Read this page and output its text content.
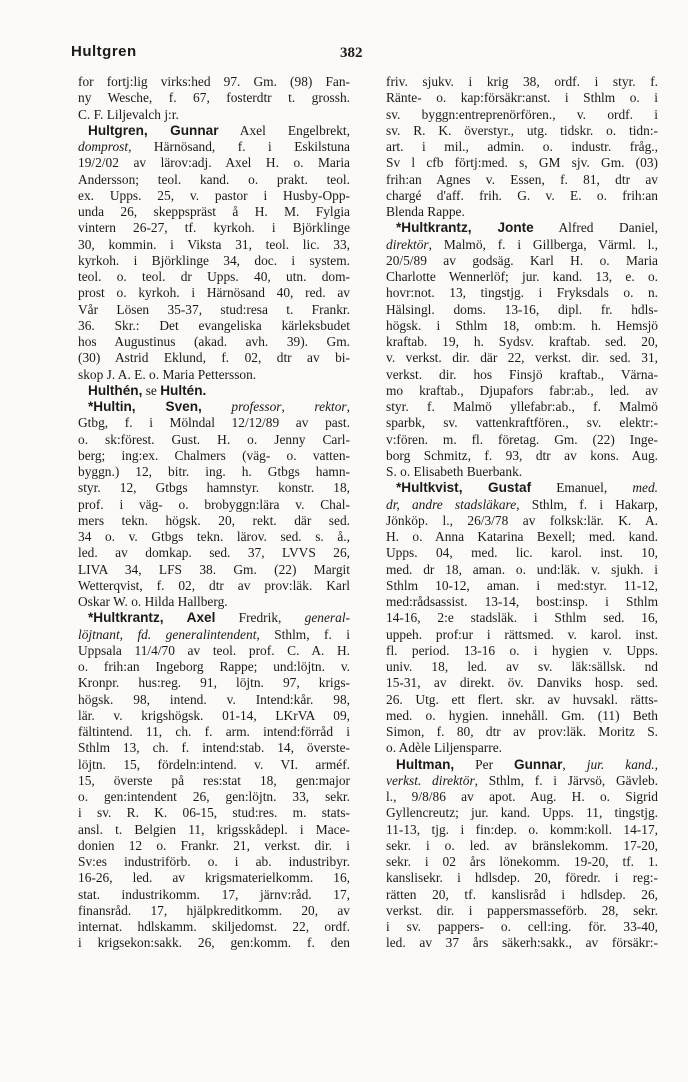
Hultgren	382
for fortj:lig virks:hed 97. Gm. (98) Fan-
ny Wesche, f. 67, fosterdtr t. grossh.
C. F. Liljevalch j:r.
Hultgren, Gunnar Axel Engelbrekt,
domprost, Härnösand, f. i Eskilstuna
19/2/02 av lärov:adj. Axel H. o. Maria
Andersson; teol. kand. o. prakt. teol.
ex. Upps. 25, v. pastor i Husby-Opp-
unda 26, skeppspräst å H. M. Fylgia
vintern 26-27, tf. kyrkoh. i Björklinge
30, kommin. i Viksta 31, teol. lic. 33,
kyrkoh. i Björklinge 34, doc. i system.
teol. o. teol. dr Upps. 40, utn. dom-
prost o. kyrkoh. i Härnösand 40, red. av
Vår Lösen 35-37, stud:resa t. Frankr.
36. Skr.: Det evangeliska kärleksbudet
hos Augustinus (akad. avh. 39). Gm.
(30) Astrid Eklund, f. 02, dtr av bi-
skop J. A. E. o. Maria Pettersson.
Hulthén, se Hultén.
*Hultin, Sven, professor, rektor,
Gtbg, f. i Mölndal 12/12/89 av past.
o. sk:förest. Gust. H. o. Jenny Carl-
berg; ing:ex. Chalmers (väg- o. vatten-
byggn.) 12, bitr. ing. h. Gtbgs hamn-
styr. 12, Gtbgs hamnstyr. konstr. 18,
prof. i väg- o. brobyggn:lära v. Chal-
mers tekn. högsk. 20, rekt. där sed.
34 o. v. Gtbgs tekn. lärov. sed. s. å.,
led. av domkap. sed. 37, LVVS 26,
LIVA 34, LFS 38. Gm. (22) Margit
Wetterqvist, f. 02, dtr av prov:läk. Karl
Oskar W. o. Hilda Hallberg.
*Hultkrantz, Axel Fredrik, general-
löjtnant, fd. generalintendent, Sthlm, f. i
Uppsala 11/4/70 av teol. prof. C. A. H.
o. frih:an Ingeborg Rappe; und:löjtn. v.
Kronpr. hus:reg. 91, löjtn. 97, krigs-
högsk. 98, intend. v. Intend:kår. 98,
lär. v. krigshögsk. 01-14, LKrVA 09,
fältintend. 11, ch. f. arm. intend:förråd i
Sthlm 13, ch. f. intend:stab. 14, överste-
löjtn. 15, fördeln:intend. v. VI. arméf.
15, överste på res:stat 18, gen:major
o. gen:intendent 26, gen:löjtn. 33, sekr.
i sv. R. K. 06-15, stud:res. m. stats-
ansl. t. Belgien 11, krigsskådepl. i Mace-
donien 12 o. Frankr. 21, verkst. dir. i
Sv:es industriförb. o. i ab. industribyr.
16-26, led. av krigsmaterielkomm. 16,
stat. industrikomm. 17, järnv:råd. 17,
finansråd. 17, hjälpkreditkomm. 20, av
internat. hdlskamm. skiljedomst. 22, ordf.
i krigsekon:sakk. 26, gen:komm. f. den
friv. sjukv. i krig 38, ordf. i styr. f.
Ränte- o. kap:försäkr:anst. i Sthlm o. i
sv. byggn:entreprenörfören., v. ordf. i
sv. R. K. överstyr., utg. tidskr. o. tidn:-
art. i mil., admin. o. industr. fråg.,
Sv l cfb förtj:med. s, GM sjv. Gm. (03)
frih:an Agnes v. Essen, f. 81, dtr av
chargé d'aff. frih. G. v. E. o. frih:an
Blenda Rappe.
*Hultkrantz, Jonte Alfred Daniel,
direktör, Malmö, f. i Gillberga, Värml. l.,
20/5/89 av godsäg. Karl H. o. Maria
Charlotte Wennerlöf; jur. kand. 13, e. o.
hovr:not. 13, tingstjg. i Fryksdals o. n.
Hälsingl. doms. 13-16, dipl. fr. hdls-
högsk. i Sthlm 18, omb:m. h. Hemsjö
kraftab. 19, h. Sydsv. kraftab. sed. 20,
v. verkst. dir. där 22, verkst. dir. sed. 31,
verkst. dir. hos Finsjö kraftab., Värna-
mo kraftab., Djupafors fabr:ab., led. av
styr. f. Malmö yllefabr:ab., f. Malmö
sparbk, sv. vattenkraftfören., sv. elektr:-
v:fören. m. fl. företag. Gm. (22) Inge-
borg Schmitz, f. 93, dtr av kons. Aug.
S. o. Elisabeth Buerbank.
*Hultkvist, Gustaf Emanuel, med.
dr, andre stadsläkare, Sthlm, f. i Hakarp,
Jönköp. l., 26/3/78 av folksk:lär. K. A.
H. o. Anna Katarina Bexell; med. kand.
Upps. 04, med. lic. karol. inst. 10,
med. dr 18, aman. o. und:läk. v. sjukh. i
Sthlm 10-12, aman. i med:styr. 11-12,
med:rådsassist. 13-14, bost:insp. i Sthlm
14-16, 2:e stadsläk. i Sthlm sed. 16,
uppeh. prof:ur i rättsmed. v. karol. inst.
fl. period. 13-16 o. i hygien v. Upps.
univ. 18, led. av sv. läk:sällsk. nd
15-31, av direkt. öv. Danviks hosp. sed.
26. Utg. ett flert. skr. av huvsakl. rätts-
med. o. hygien. innehåll. Gm. (11) Beth
Simon, f. 80, dtr av prov:läk. Moritz S.
o. Adèle Liljensparre.
Hultman, Per Gunnar, jur. kand.,
verkst. direktör, Sthlm, f. i Järvsö, Gävleb.
l., 9/8/86 av apot. Aug. H. o. Sigrid
Gyllencreutz; jur. kand. Upps. 11, tingstjg.
11-13, tjg. i fin:dep. o. komm:koll. 14-17,
sekr. i o. led. av bränslekomm. 17-20,
sekr. i 02 års lönekomm. 19-20, tf. 1.
kanslisekr. i hdlsdep. 20, föredr. i reg:-
rätten 20, tf. kanslisråd i hdlsdep. 26,
verkst. dir. i pappersmasseförb. 28, sekr.
i sv. pappers- o. cell:ing. för. 33-40,
led. av 37 års säkerh:sakk., av försäkr:-
